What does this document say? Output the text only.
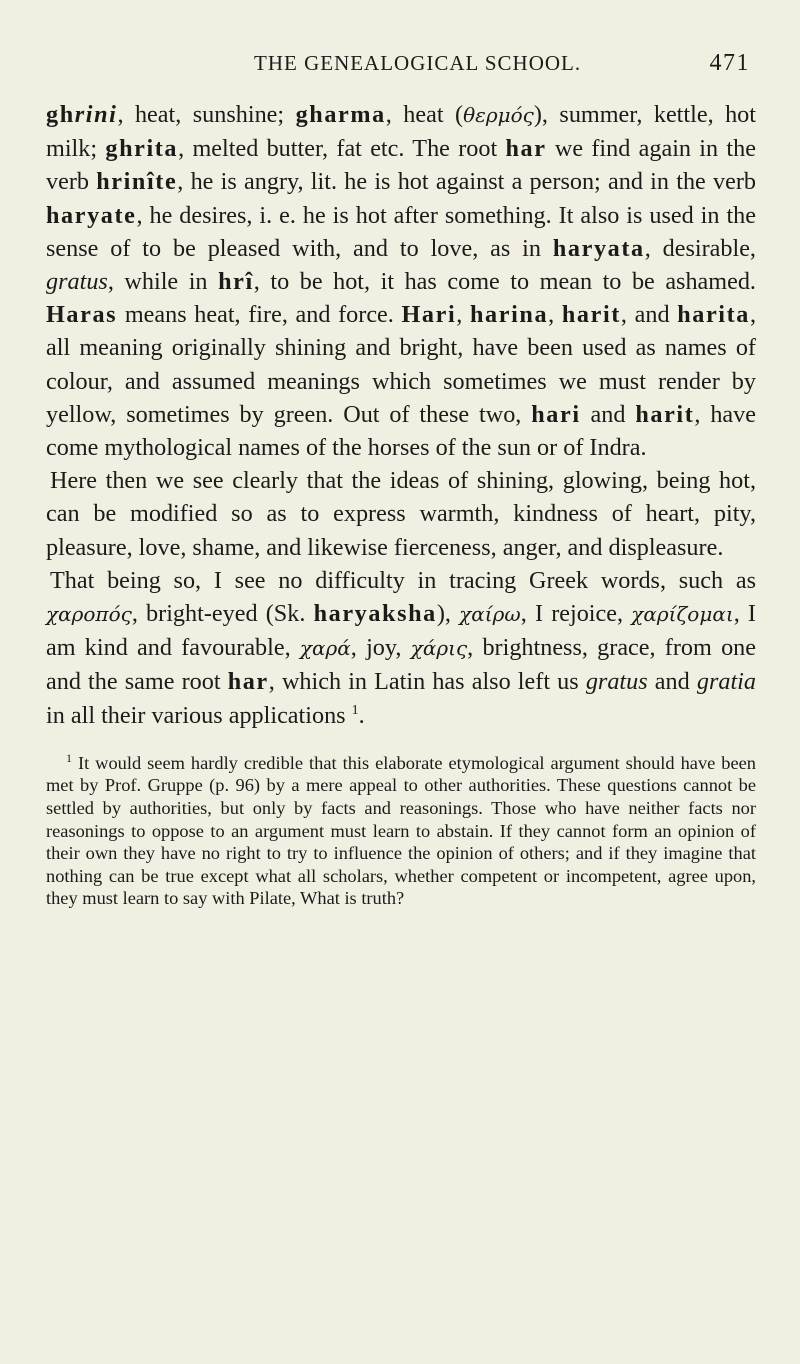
THE GENEALOGICAL SCHOOL.	471

ghrini, heat, sunshine; gharma, heat (θερμός), summer, kettle, hot milk; ghrita, melted butter, fat etc. The root har we find again in the verb hrinîte, he is angry, lit. he is hot against a person; and in the verb haryate, he desires, i. e. he is hot after something. It also is used in the sense of to be pleased with, and to love, as in haryata, desirable, gratus, while in hrî, to be hot, it has come to mean to be ashamed. Haras means heat, fire, and force. Hari, harina, harit, and harita, all meaning originally shining and bright, have been used as names of colour, and assumed meanings which sometimes we must render by yellow, sometimes by green. Out of these two, hari and harit, have come mythological names of the horses of the sun or of Indra.

Here then we see clearly that the ideas of shining, glowing, being hot, can be modified so as to express warmth, kindness of heart, pity, pleasure, love, shame, and likewise fierceness, anger, and displeasure.

That being so, I see no difficulty in tracing Greek words, such as χαροπός, bright-eyed (Sk. haryaksha), χαίρω, I rejoice, χαρίζομαι, I am kind and favourable, χαρά, joy, χάρις, brightness, grace, from one and the same root har, which in Latin has also left us gratus and gratia in all their various applications $^1$.

$^1$ It would seem hardly credible that this elaborate etymological argument should have been met by Prof. Gruppe (p. 96) by a mere appeal to other authorities. These questions cannot be settled by authorities, but only by facts and reasonings. Those who have neither facts nor reasonings to oppose to an argument must learn to abstain. If they cannot form an opinion of their own they have no right to try to influence the opinion of others; and if they imagine that nothing can be true except what all scholars, whether competent or incompetent, agree upon, they must learn to say with Pilate, What is truth?
